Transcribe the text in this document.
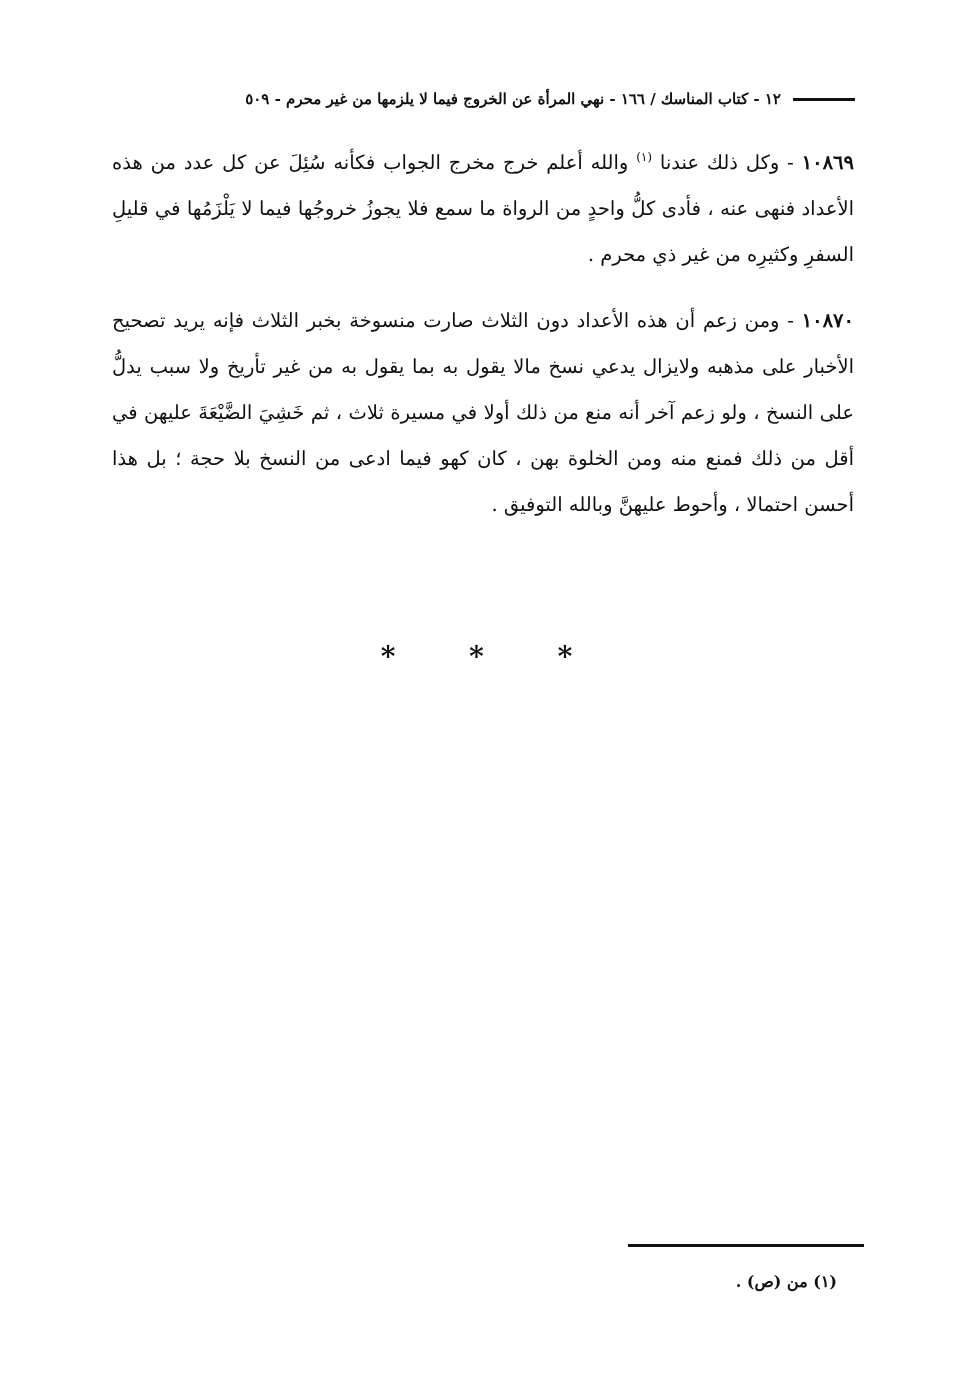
١٢ - كتاب المناسك / ١٦٦ - نهي المرأة عن الخروج فيما لا يلزمها من غير محرم - ٥٠٩

١٠٨٦٩ - وكل ذلك عندنا $^{(١)}$ والله أعلم خرج مخرج الجواب فكأنه سُئِلَ عن كل عدد من هذه الأعداد فنهى عنه ، فأدى كلُّ واحدٍ من الرواة ما سمع فلا يجوزُ خروجُها فيما لا يَلْزَمُها في قليلِ السفرِ وكثيرِه من غير ذي محرم .

١٠٨٧٠ - ومن زعم أن هذه الأعداد دون الثلاث صارت منسوخة بخبر الثلاث فإنه يريد تصحيح الأخبار على مذهبه ولايزال يدعي نسخ مالا يقول به بما يقول به من غير تأريخ ولا سبب يدلُّ على النسخ ، ولو زعم آخر أنه منع من ذلك أولا في مسيرة ثلاث ، ثم خَشِيَ الضَّيْعَةَ عليهن في أقل من ذلك فمنع منه ومن الخلوة بهن ، كان كهو فيما ادعى من النسخ بلا حجة ؛ بل هذا أحسن احتمالا ، وأحوط عليهنَّ وبالله التوفيق .

* * *
(١) من (ص) .
